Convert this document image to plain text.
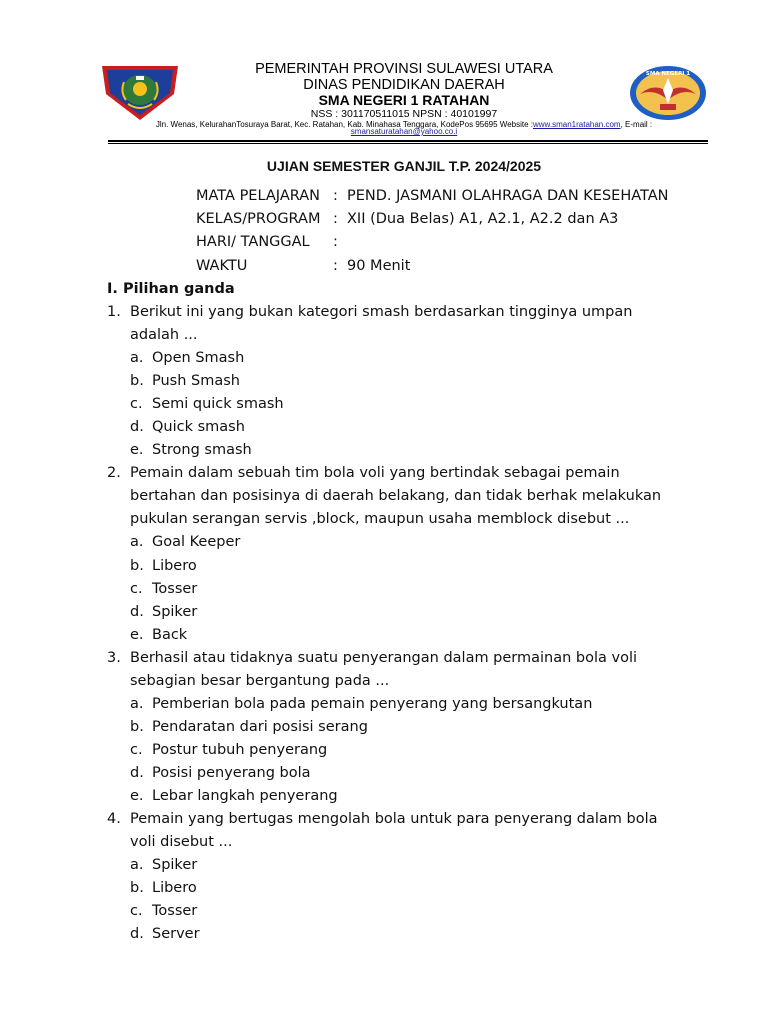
SMA NEGERI 1
PEMERINTAH PROVINSI SULAWESI UTARA
DINAS PENDIDIKAN DAERAH
SMA NEGERI 1 RATAHAN
NSS : 301170511015 NPSN : 40101997
Jln. Wenas, KelurahanTosuraya Barat, Kec. Ratahan, Kab. Minahasa Tenggara, KodePos 95695 Website :www.sman1ratahan.com, E-mail :
smansaturatahan@yahoo.co.i
UJIAN SEMESTER GANJIL T.P. 2024/2025
MATA PELAJARAN : PEND. JASMANI OLAHRAGA DAN KESEHATAN
KELAS/PROGRAM : XII (Dua Belas) A1, A2.1, A2.2 dan A3
HARI/ TANGGAL :
WAKTU	: 90 Menit
I. Pilihan ganda
1. Berikut ini yang bukan kategori smash berdasarkan tingginya umpan
adalah ...
a. Open Smash
b. Push Smash
c. Semi quick smash
d. Quick smash
e. Strong smash
2. Pemain dalam sebuah tim bola voli yang bertindak sebagai pemain
bertahan dan posisinya di daerah belakang, dan tidak berhak melakukan
pukulan serangan servis ,block, maupun usaha memblock disebut ...
a. Goal Keeper
b. Libero
c. Tosser
d. Spiker
e. Back
3. Berhasil atau tidaknya suatu penyerangan dalam permainan bola voli
sebagian besar bergantung pada ...
a. Pemberian bola pada pemain penyerang yang bersangkutan
b. Pendaratan dari posisi serang
c. Postur tubuh penyerang
d. Posisi penyerang bola
e. Lebar langkah penyerang
4. Pemain yang bertugas mengolah bola untuk para penyerang dalam bola
voli disebut ...
a. Spiker
b. Libero
c. Tosser
d. Server
